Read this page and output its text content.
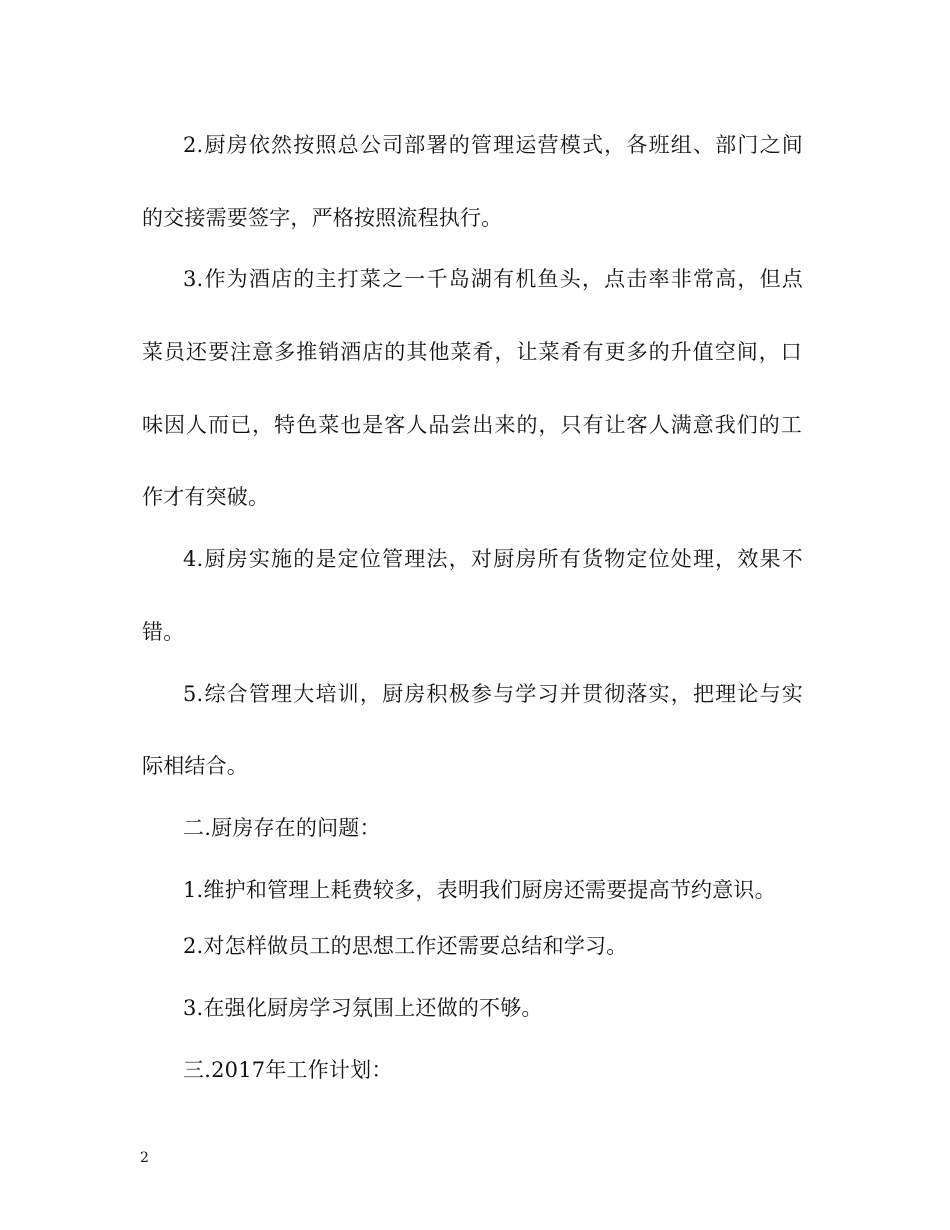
2.厨房依然按照总公司部署的管理运营模式，各班组、部门之间
的交接需要签字，严格按照流程执行。
3.作为酒店的主打菜之一千岛湖有机鱼头，点击率非常高，但点
菜员还要注意多推销酒店的其他菜肴，让菜肴有更多的升值空间，口
味因人而已，特色菜也是客人品尝出来的，只有让客人满意我们的工
作才有突破。
4.厨房实施的是定位管理法，对厨房所有货物定位处理，效果不
错。
5.综合管理大培训，厨房积极参与学习并贯彻落实，把理论与实
际相结合。
二.厨房存在的问题：
1.维护和管理上耗费较多，表明我们厨房还需要提高节约意识。
2.对怎样做员工的思想工作还需要总结和学习。
3.在强化厨房学习氛围上还做的不够。
三.2017年工作计划：
2
